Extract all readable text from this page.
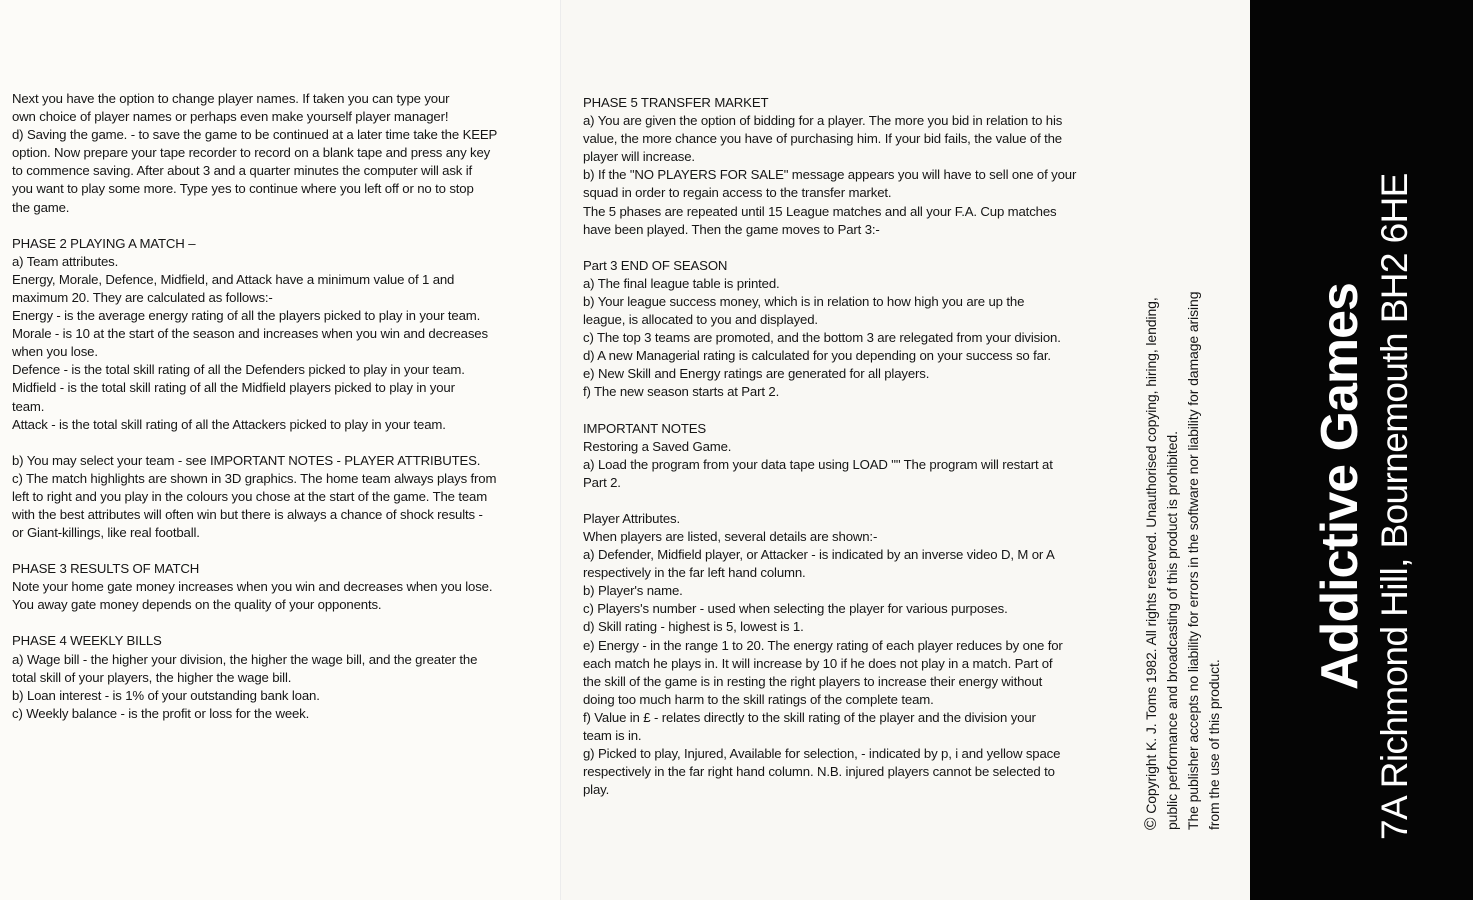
Next you have the option to change player names. If taken you can type your
own choice of player names or perhaps even make yourself player manager!
d) Saving the game. - to save the game to be continued at a later time take the KEEP
option. Now prepare your tape recorder to record on a blank tape and press any key
to commence saving. After about 3 and a quarter minutes the computer will ask if
you want to play some more. Type yes to continue where you left off or no to stop
the game.
PHASE 2 PLAYING A MATCH –
a) Team attributes.
Energy, Morale, Defence, Midfield, and Attack have a minimum value of 1 and
maximum 20. They are calculated as follows:-
Energy - is the average energy rating of all the players picked to play in your team.
Morale - is 10 at the start of the season and increases when you win and decreases
when you lose.
Defence - is the total skill rating of all the Defenders picked to play in your team.
Midfield - is the total skill rating of all the Midfield players picked to play in your
team.
Attack - is the total skill rating of all the Attackers picked to play in your team.
b) You may select your team - see IMPORTANT NOTES - PLAYER ATTRIBUTES.
c) The match highlights are shown in 3D graphics. The home team always plays from
left to right and you play in the colours you chose at the start of the game. The team
with the best attributes will often win but there is always a chance of shock results -
or Giant-killings, like real football.
PHASE 3 RESULTS OF MATCH
Note your home gate money increases when you win and decreases when you lose.
You away gate money depends on the quality of your opponents.
PHASE 4 WEEKLY BILLS
a) Wage bill - the higher your division, the higher the wage bill, and the greater the
total skill of your players, the higher the wage bill.
b) Loan interest - is 1% of your outstanding bank loan.
c) Weekly balance - is the profit or loss for the week.
PHASE 5 TRANSFER MARKET
a) You are given the option of bidding for a player. The more you bid in relation to his
value, the more chance you have of purchasing him. If your bid fails, the value of the
player will increase.
b) If the "NO PLAYERS FOR SALE" message appears you will have to sell one of your
squad in order to regain access to the transfer market.
The 5 phases are repeated until 15 League matches and all your F.A. Cup matches
have been played. Then the game moves to Part 3:-
Part 3 END OF SEASON
a) The final league table is printed.
b) Your league success money, which is in relation to how high you are up the
league, is allocated to you and displayed.
c) The top 3 teams are promoted, and the bottom 3 are relegated from your division.
d) A new Managerial rating is calculated for you depending on your success so far.
e) New Skill and Energy ratings are generated for all players.
f) The new season starts at Part 2.
IMPORTANT NOTES
Restoring a Saved Game.
a) Load the program from your data tape using LOAD "" The program will restart at
Part 2.
Player Attributes.
When players are listed, several details are shown:-
a) Defender, Midfield player, or Attacker - is indicated by an inverse video D, M or A
respectively in the far left hand column.
b) Player's name.
c) Players's number - used when selecting the player for various purposes.
d) Skill rating - highest is 5, lowest is 1.
e) Energy - in the range 1 to 20. The energy rating of each player reduces by one for
each match he plays in. It will increase by 10 if he does not play in a match. Part of
the skill of the game is in resting the right players to increase their energy without
doing too much harm to the skill ratings of the complete team.
f) Value in £ - relates directly to the skill rating of the player and the division your
team is in.
g) Picked to play, Injured, Available for selection, - indicated by p, i and yellow space
respectively in the far right hand column. N.B. injured players cannot be selected to
play.
© Copyright K. J. Toms 1982. All rights reserved. Unauthorised copying, hiring, lending, public performance and broadcasting of this product is prohibited. The publisher accepts no liability for errors in the software nor liability for damage arising from the use of this product.
Addictive Games 7A Richmond Hill, Bournemouth BH2 6HE
